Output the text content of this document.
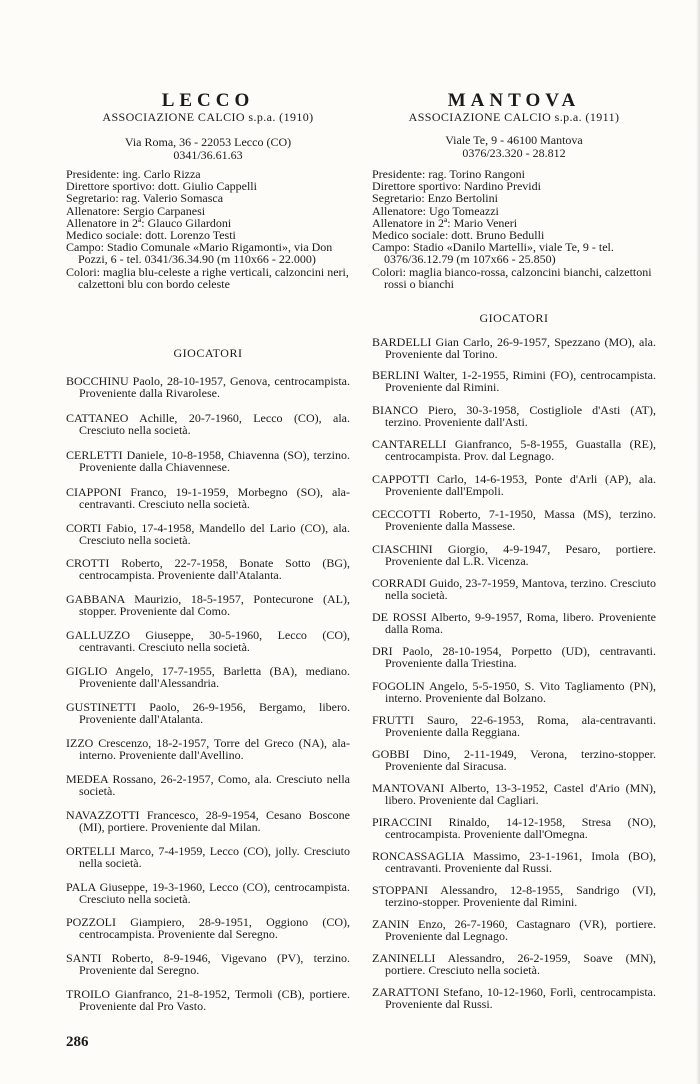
LECCO
ASSOCIAZIONE CALCIO s.p.a. (1910)
Via Roma, 36 - 22053 Lecco (CO)
0341/36.61.63
Presidente: ing. Carlo Rizza
Direttore sportivo: dott. Giulio Cappelli
Segretario: rag. Valerio Somasca
Allenatore: Sergio Carpanesi
Allenatore in 2ª: Glauco Gilardoni
Medico sociale: dott. Lorenzo Testi
Campo: Stadio Comunale «Mario Rigamonti», via Don Pozzi, 6 - tel. 0341/36.34.90 (m 110x66 - 22.000)
Colori: maglia blu-celeste a righe verticali, calzoncini neri, calzettoni blu con bordo celeste
GIOCATORI
BOCCHINU Paolo, 28-10-1957, Genova, centrocampista. Proveniente dalla Rivarolese.
CATTANEO Achille, 20-7-1960, Lecco (CO), ala. Cresciuto nella società.
CERLETTI Daniele, 10-8-1958, Chiavenna (SO), terzino. Proveniente dalla Chiavennese.
CIAPPONI Franco, 19-1-1959, Morbegno (SO), ala-centravanti. Cresciuto nella società.
CORTI Fabio, 17-4-1958, Mandello del Lario (CO), ala. Cresciuto nella società.
CROTTI Roberto, 22-7-1958, Bonate Sotto (BG), centrocampista. Proveniente dall'Atalanta.
GABBANA Maurizio, 18-5-1957, Pontecurone (AL), stopper. Proveniente dal Como.
GALLUZZO Giuseppe, 30-5-1960, Lecco (CO), centravanti. Cresciuto nella società.
GIGLIO Angelo, 17-7-1955, Barletta (BA), mediano. Proveniente dall'Alessandria.
GUSTINETTI Paolo, 26-9-1956, Bergamo, libero. Proveniente dall'Atalanta.
IZZO Crescenzo, 18-2-1957, Torre del Greco (NA), ala-interno. Proveniente dall'Avellino.
MEDEA Rossano, 26-2-1957, Como, ala. Cresciuto nella società.
NAVAZZOTTI Francesco, 28-9-1954, Cesano Boscone (MI), portiere. Proveniente dal Milan.
ORTELLI Marco, 7-4-1959, Lecco (CO), jolly. Cresciuto nella società.
PALA Giuseppe, 19-3-1960, Lecco (CO), centrocampista. Cresciuto nella società.
POZZOLI Giampiero, 28-9-1951, Oggiono (CO), centrocampista. Proveniente dal Seregno.
SANTI Roberto, 8-9-1946, Vigevano (PV), terzino. Proveniente dal Seregno.
TROILO Gianfranco, 21-8-1952, Termoli (CB), portiere. Proveniente dal Pro Vasto.
MANTOVA
ASSOCIAZIONE CALCIO s.p.a. (1911)
Viale Te, 9 - 46100 Mantova
0376/23.320 - 28.812
Presidente: rag. Torino Rangoni
Direttore sportivo: Nardino Previdi
Segretario: Enzo Bertolini
Allenatore: Ugo Tomeazzi
Allenatore in 2ª: Mario Veneri
Medico sociale: dott. Bruno Bedulli
Campo: Stadio «Danilo Martelli», viale Te, 9 - tel. 0376/36.12.79 (m 107x66 - 25.850)
Colori: maglia bianco-rossa, calzoncini bianchi, calzettoni rossi o bianchi
GIOCATORI
BARDELLI Gian Carlo, 26-9-1957, Spezzano (MO), ala. Proveniente dal Torino.
BERLINI Walter, 1-2-1955, Rimini (FO), centrocampista. Proveniente dal Rimini.
BIANCO Piero, 30-3-1958, Costigliole d'Asti (AT), terzino. Proveniente dall'Asti.
CANTARELLI Gianfranco, 5-8-1955, Guastalla (RE), centrocampista. Prov. dal Legnago.
CAPPOTTI Carlo, 14-6-1953, Ponte d'Arli (AP), ala. Proveniente dall'Empoli.
CECCOTTI Roberto, 7-1-1950, Massa (MS), terzino. Proveniente dalla Massese.
CIASCHINI Giorgio, 4-9-1947, Pesaro, portiere. Proveniente dal L.R. Vicenza.
CORRADI Guido, 23-7-1959, Mantova, terzino. Cresciuto nella società.
DE ROSSI Alberto, 9-9-1957, Roma, libero. Proveniente dalla Roma.
DRI Paolo, 28-10-1954, Porpetto (UD), centravanti. Proveniente dalla Triestina.
FOGOLIN Angelo, 5-5-1950, S. Vito Tagliamento (PN), interno. Proveniente dal Bolzano.
FRUTTI Sauro, 22-6-1953, Roma, ala-centravanti. Proveniente dalla Reggiana.
GOBBI Dino, 2-11-1949, Verona, terzino-stopper. Proveniente dal Siracusa.
MANTOVANI Alberto, 13-3-1952, Castel d'Ario (MN), libero. Proveniente dal Cagliari.
PIRACCINI Rinaldo, 14-12-1958, Stresa (NO), centrocampista. Proveniente dall'Omegna.
RONCASSAGLIA Massimo, 23-1-1961, Imola (BO), centravanti. Proveniente dal Russi.
STOPPANI Alessandro, 12-8-1955, Sandrigo (VI), terzino-stopper. Proveniente dal Rimini.
ZANIN Enzo, 26-7-1960, Castagnaro (VR), portiere. Proveniente dal Legnago.
ZANINELLI Alessandro, 26-2-1959, Soave (MN), portiere. Cresciuto nella società.
ZARATTONI Stefano, 10-12-1960, Forlì, centrocampista. Proveniente dal Russi.
286
